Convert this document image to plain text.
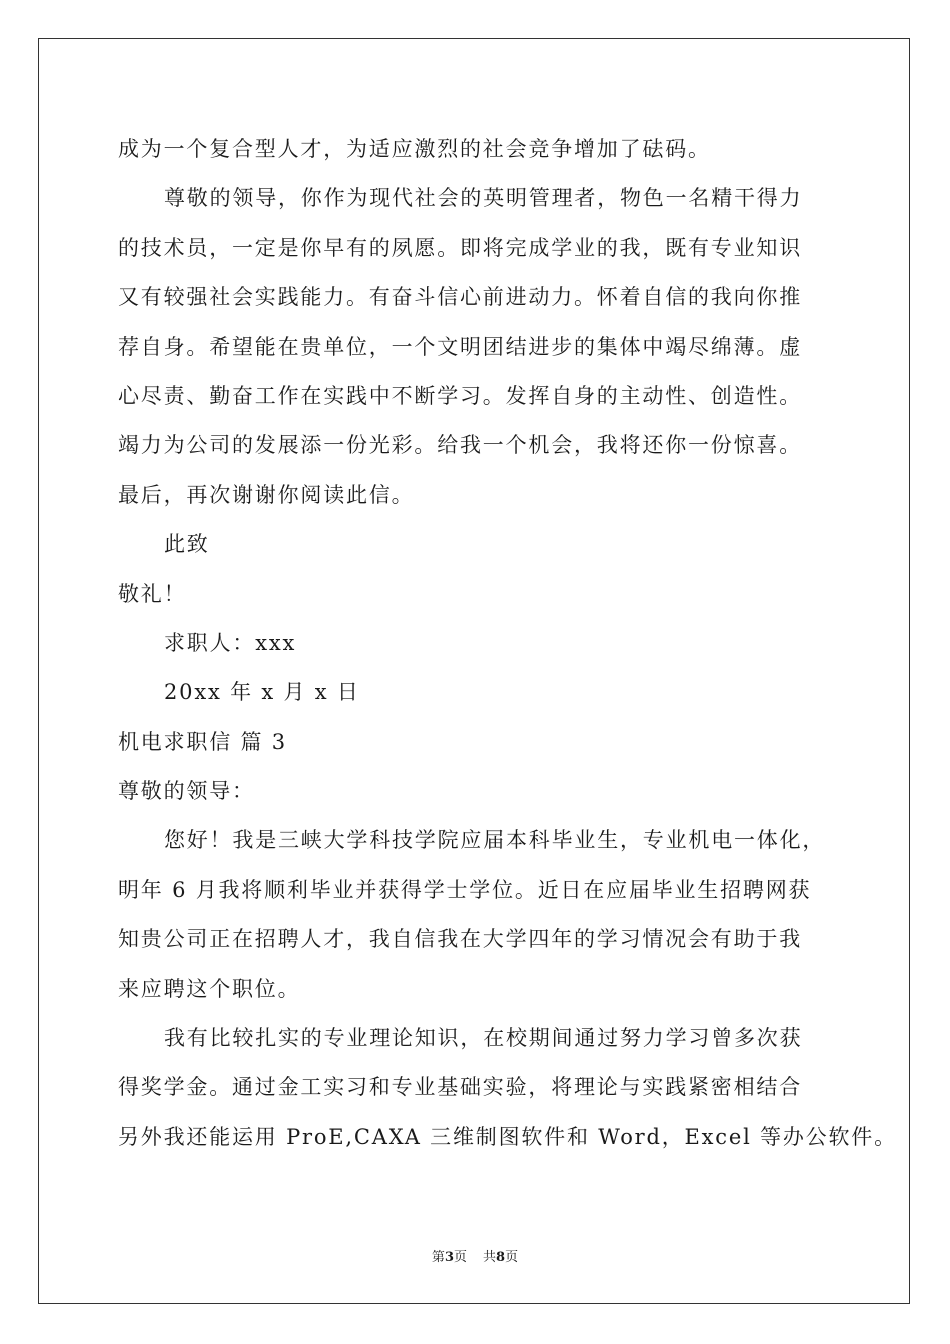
成为一个复合型人才，为适应激烈的社会竞争增加了砝码。
尊敬的领导，你作为现代社会的英明管理者，物色一名精干得力
的技术员，一定是你早有的夙愿。即将完成学业的我，既有专业知识
又有较强社会实践能力。有奋斗信心前进动力。怀着自信的我向你推
荐自身。希望能在贵单位，一个文明团结进步的集体中竭尽绵薄。虚
心尽责、勤奋工作在实践中不断学习。发挥自身的主动性、创造性。
竭力为公司的发展添一份光彩。给我一个机会，我将还你一份惊喜。
最后，再次谢谢你阅读此信。
此致
敬礼！
求职人：xxx
20xx 年 x 月 x 日
机电求职信 篇 3
尊敬的领导：
您好！我是三峡大学科技学院应届本科毕业生，专业机电一体化，
明年 6 月我将顺利毕业并获得学士学位。近日在应届毕业生招聘网获
知贵公司正在招聘人才，我自信我在大学四年的学习情况会有助于我
来应聘这个职位。
我有比较扎实的专业理论知识，在校期间通过努力学习曾多次获
得奖学金。通过金工实习和专业基础实验，将理论与实践紧密相结合
另外我还能运用 ProE,CAXA 三维制图软件和 Word，Excel 等办公软件。
第3页 共8页
